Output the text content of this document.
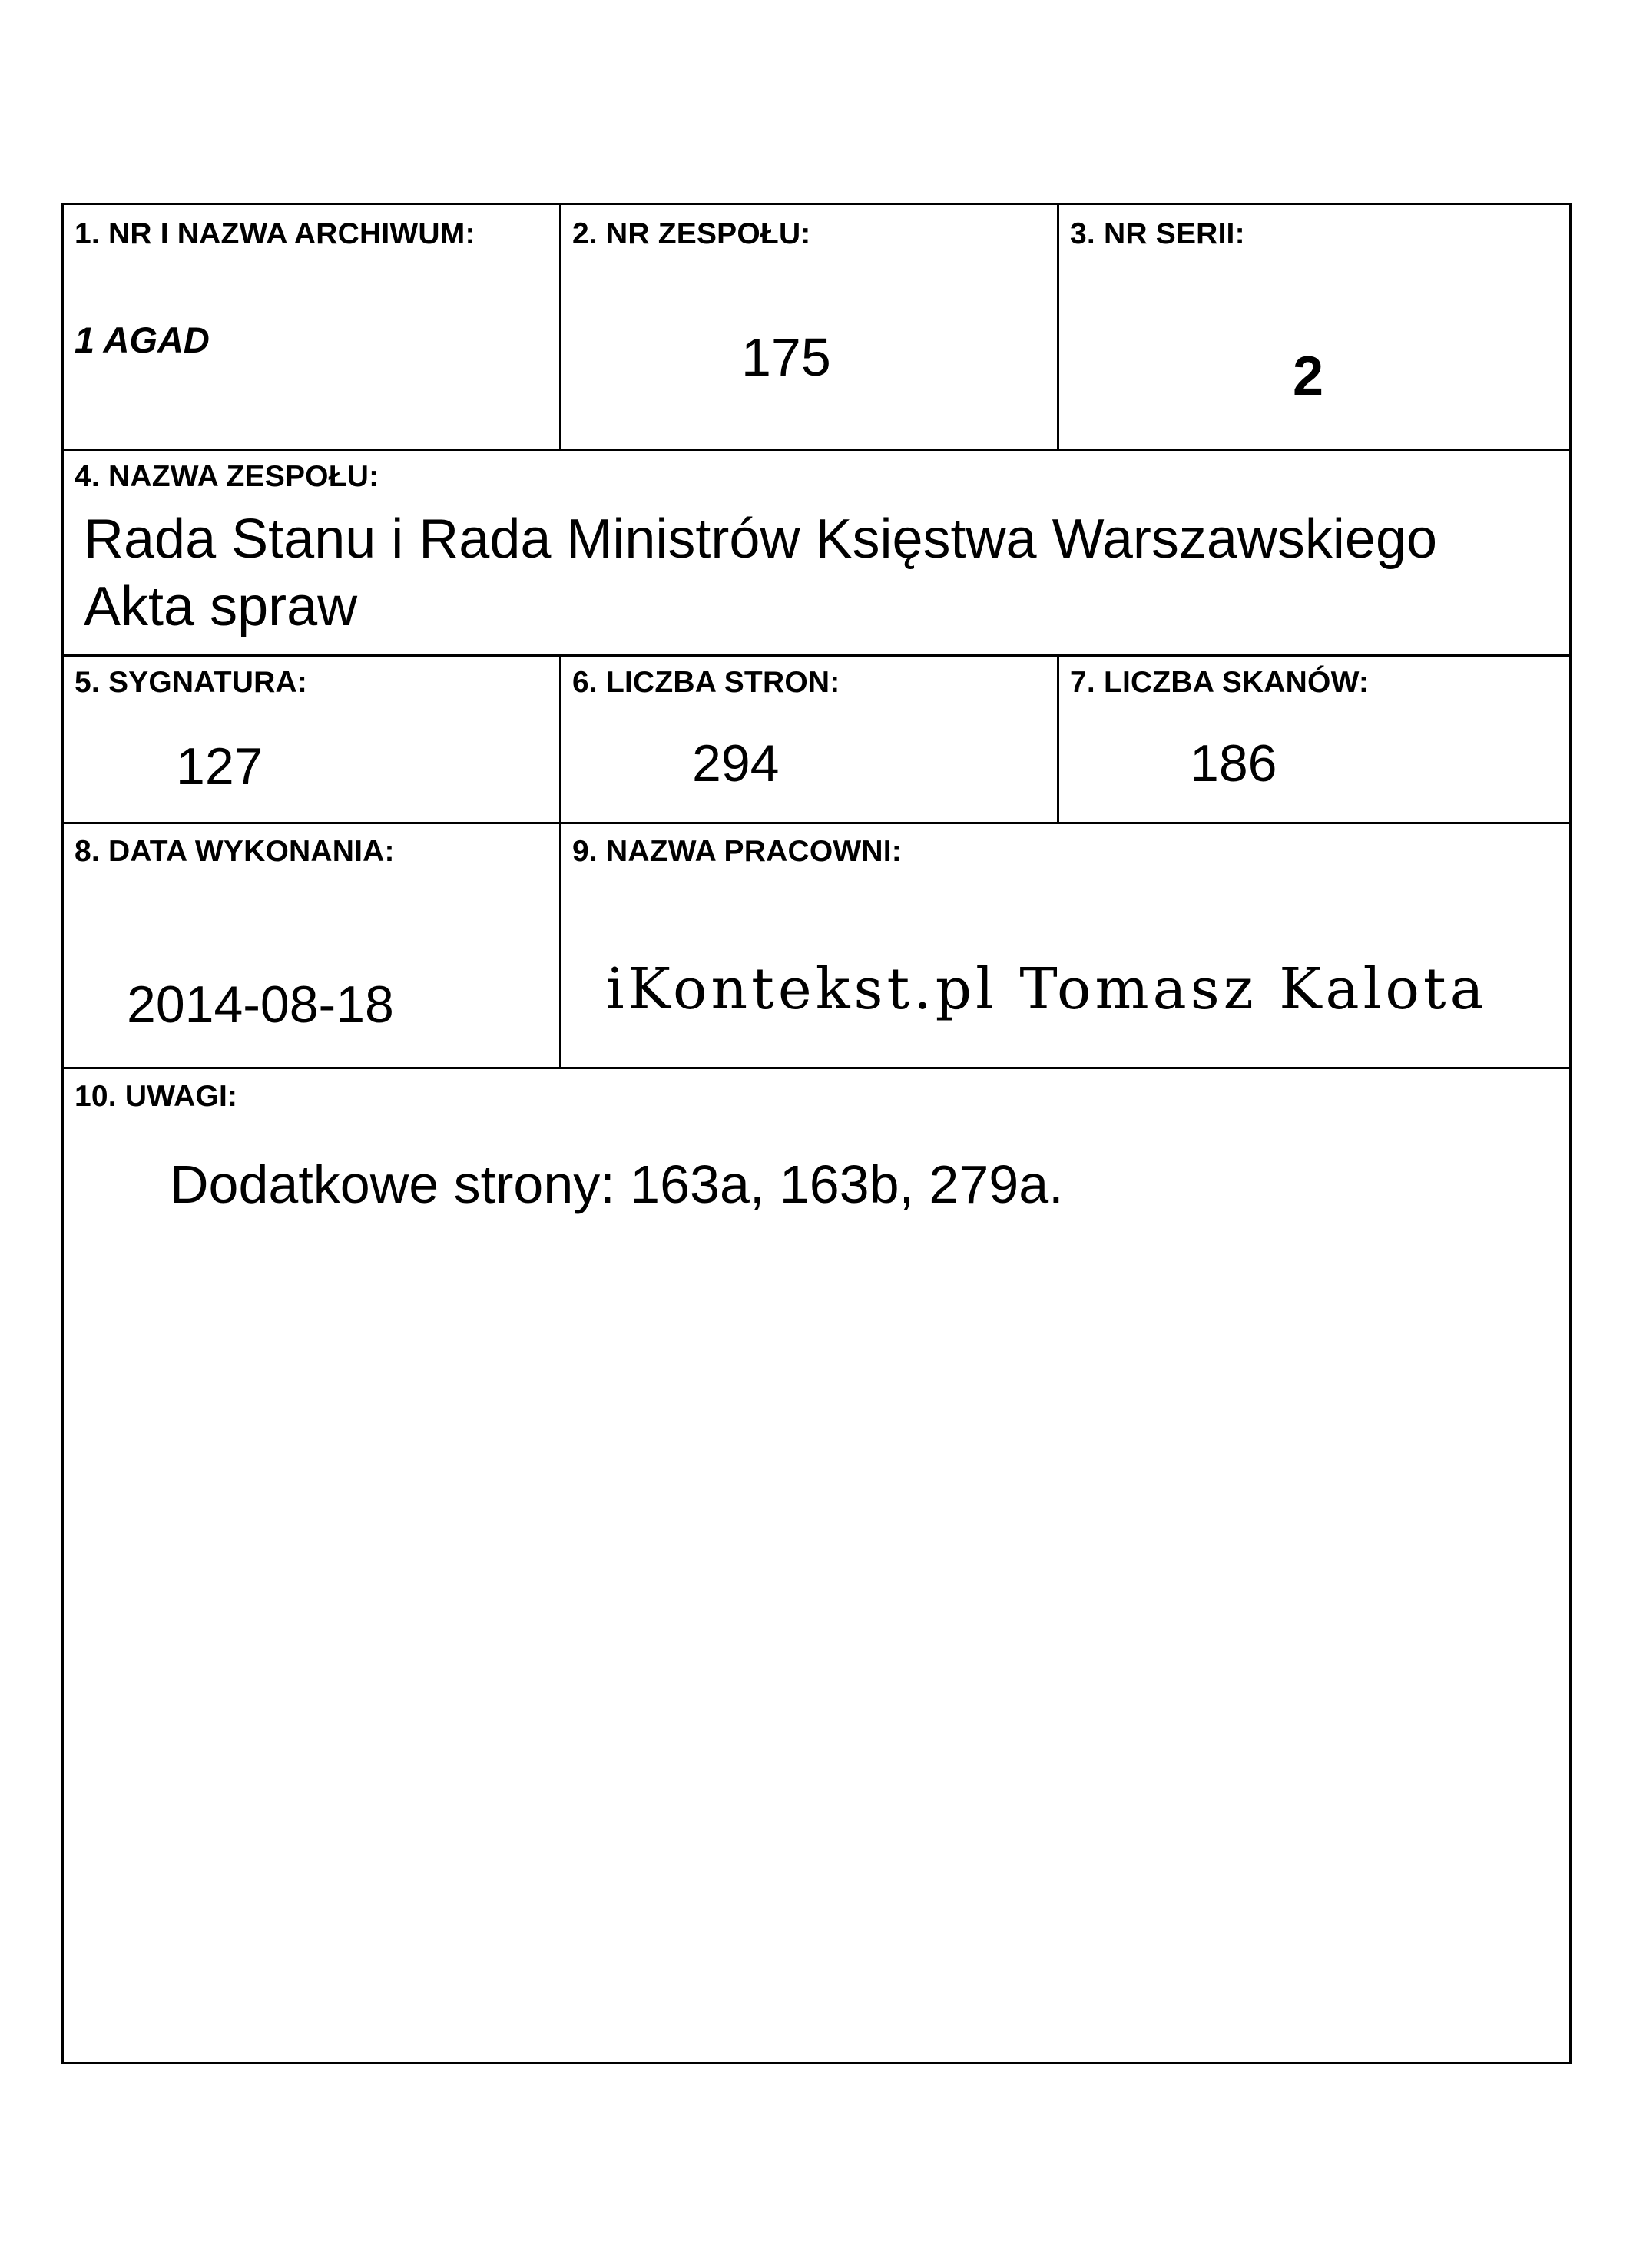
1. NR I NAZWA ARCHIWUM:
1 AGAD
2. NR ZESPOŁU:
175
3. NR SERII:
2
4. NAZWA ZESPOŁU:
Rada Stanu i Rada Ministrów Księstwa Warszawskiego
Akta spraw
5. SYGNATURA:
127
6. LICZBA STRON:
294
7. LICZBA SKANÓW:
186
8. DATA WYKONANIA:
2014-08-18
9. NAZWA PRACOWNI:
iKontekst.pl Tomasz Kalota
10. UWAGI:
Dodatkowe strony: 163a, 163b, 279a.
